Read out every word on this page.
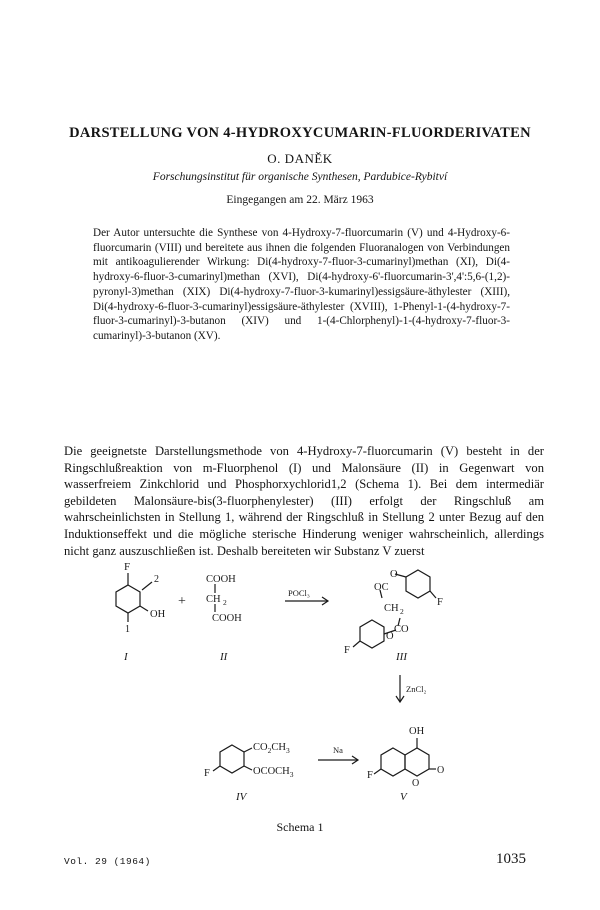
DARSTELLUNG VON 4-HYDROXYCUMARIN-FLUORDERIVATEN
O. DANĚK
Forschungsinstitut für organische Synthesen, Pardubice-Rybitví
Eingegangen am 22. März 1963

Der Autor untersuchte die Synthese von 4-Hydroxy-7-fluorcumarin (V) und 4-Hydroxy-6-fluorcumarin (VIII) und bereitete aus ihnen die folgenden Fluoranalogen von Verbindungen mit antikoagulierender Wirkung: Di(4-hydroxy-7-fluor-3-cumarinyl)methan (XI), Di(4-hydroxy-6-fluor-3-cumarinyl)methan (XVI), Di(4-hydroxy-6'-fluorcumarin-3',4':5,6-(1,2)-pyronyl-3)methan (XIX) Di(4-hydroxy-7-fluor-3-kumarinyl)essigsäure-äthylester (XIII), Di(4-hydroxy-6-fluor-3-cumarinyl)essigsäure-äthylester (XVIII), 1-Phenyl-1-(4-hydroxy-7-fluor-3-cumarinyl)-3-butanon (XIV) und 1-(4-Chlorphenyl)-1-(4-hydroxy-7-fluor-3-cumarinyl)-3-butanon (XV).

Die geeignetste Darstellungsmethode von 4-Hydroxy-7-fluorcumarin (V) besteht in der Ringschlußreaktion von m-Fluorphenol (I) und Malonsäure (II) in Gegenwart von wasserfreiem Zinkchlorid und Phosphorxychlorid1,2 (Schema 1). Bei dem intermediär gebildeten Malonsäure-bis(3-fluorphenylester) (III) erfolgt der Ringschluß am wahrscheinlichsten in Stellung 1, während der Ringschluß in Stellung 2 unter Bezug auf den Induktionseffekt und die mögliche sterische Hinderung weniger wahrscheinlich, allerdings nicht ganz auszuschließen ist. Deshalb bereiteten wir Substanz V zuerst

F
OH
2
1
I
+
COOH
CH 2
COOH
II
POCl₃
O
OC
F
CH 2
CO
O
F
III
ZnCl₂
$CO_2CH_3$
$OCOCH_3$
F
IV
Na
OH
F
O
O
V
Schema 1
Vol. 29 (1964)	1035
